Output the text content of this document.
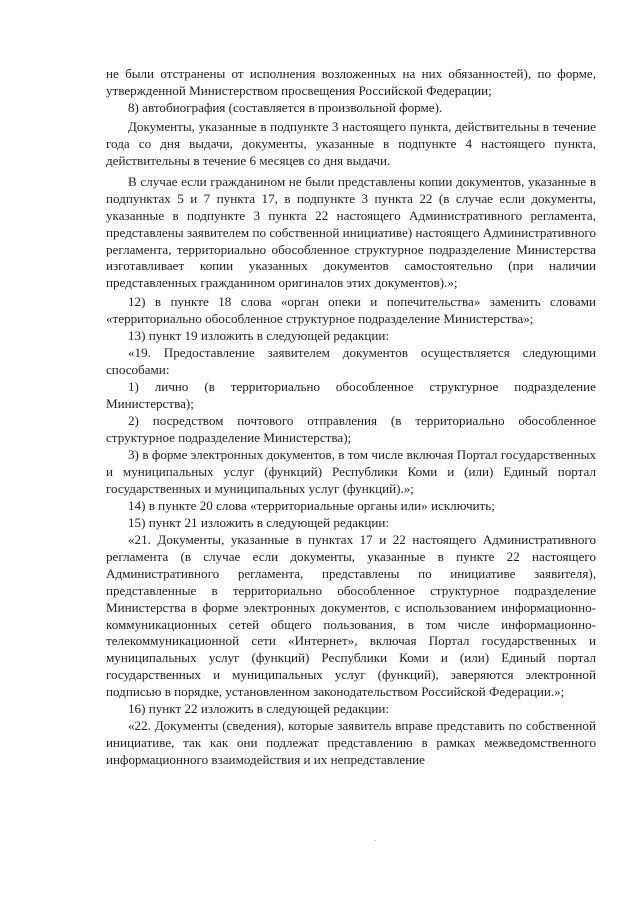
не были отстранены от исполнения возложенных на них обязанностей), по форме, утвержденной Министерством просвещения Российской Федерации;

8) автобиография (составляется в произвольной форме).

Документы, указанные в подпункте 3 настоящего пункта, действительны в течение года со дня выдачи, документы, указанные в подпункте 4 настоящего пункта, действительны в течение 6 месяцев со дня выдачи.

В случае если гражданином не были представлены копии документов, указанные в подпунктах 5 и 7 пункта 17, в подпункте 3 пункта 22 (в случае если документы, указанные в подпункте 3 пункта 22 настоящего Административного регламента, представлены заявителем по собственной инициативе) настоящего Административного регламента, территориально обособленное структурное подразделение Министерства изготавливает копии указанных документов самостоятельно (при наличии представленных гражданином оригиналов этих документов).»;

12) в пункте 18 слова «орган опеки и попечительства» заменить словами «территориально обособленное структурное подразделение Министерства»;

13) пункт 19 изложить в следующей редакции:

«19. Предоставление заявителем документов осуществляется следующими способами:

1) лично (в территориально обособленное структурное подразделение Министерства);

2) посредством почтового отправления (в территориально обособленное структурное подразделение Министерства);

3) в форме электронных документов, в том числе включая Портал государственных и муниципальных услуг (функций) Республики Коми и (или) Единый портал государственных и муниципальных услуг (функций).»;

14) в пункте 20 слова «территориальные органы или» исключить;

15) пункт 21 изложить в следующей редакции:

«21. Документы, указанные в пунктах 17 и 22 настоящего Административного регламента (в случае если документы, указанные в пункте 22 настоящего Административного регламента, представлены по инициативе заявителя), представленные в территориально обособленное структурное подразделение Министерства в форме электронных документов, с использованием информационно-коммуникационных сетей общего пользования, в том числе информационно-телекоммуникационной сети «Интернет», включая Портал государственных и муниципальных услуг (функций) Республики Коми и (или) Единый портал государственных и муниципальных услуг (функций), заверяются электронной подписью в порядке, установленном законодательством Российской Федерации.»;

16) пункт 22 изложить в следующей редакции:

«22. Документы (сведения), которые заявитель вправе представить по собственной инициативе, так как они подлежат представлению в рамках межведомственного информационного взаимодействия и их непредставление

·
